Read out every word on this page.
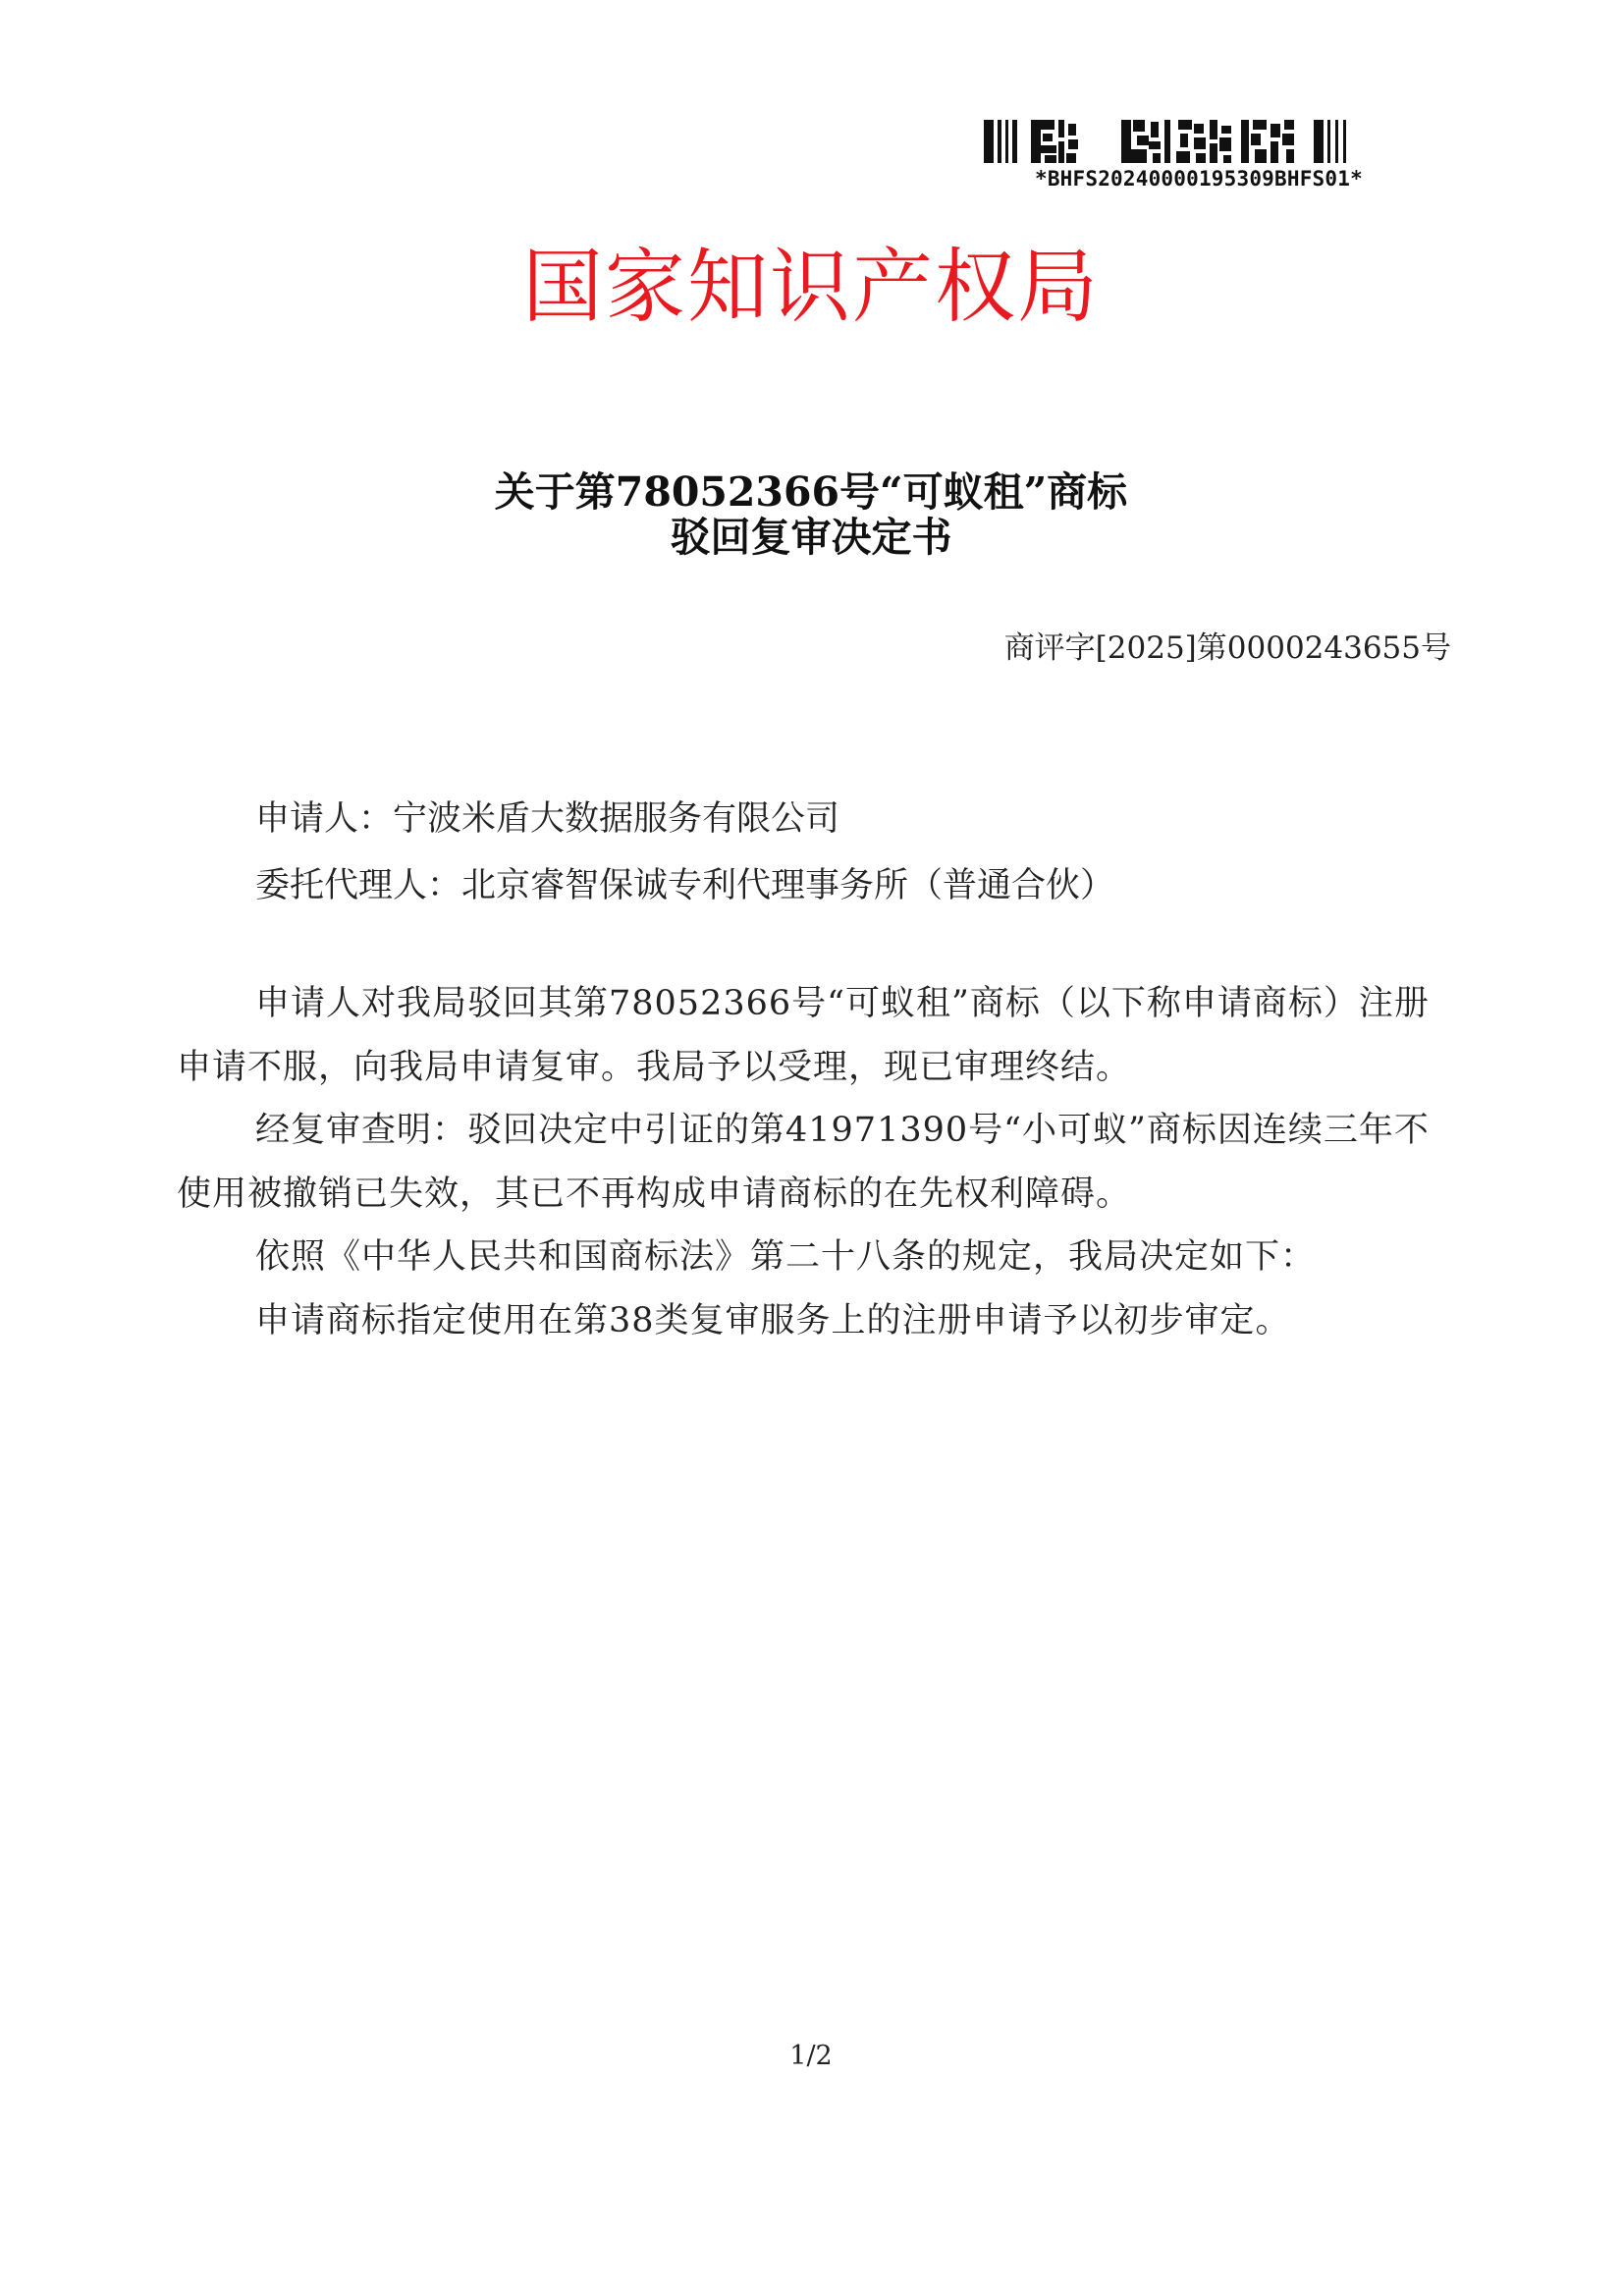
*BHFS20240000195309BHFS01*
国家知识产权局
关于第78052366号“可蚁租”商标
驳回复审决定书
商评字[2025]第0000243655号
申请人：宁波米盾大数据服务有限公司
委托代理人：北京睿智保诚专利代理事务所（普通合伙）

申请人对我局驳回其第78052366号“可蚁租”商标（以下称申请商标）注册申请不服，向我局申请复审。我局予以受理，现已审理终结。

经复审查明：驳回决定中引证的第41971390号“小可蚁”商标因连续三年不使用被撤销已失效，其已不再构成申请商标的在先权利障碍。

依照《中华人民共和国商标法》第二十八条的规定，我局决定如下：

申请商标指定使用在第38类复审服务上的注册申请予以初步审定。

1/2
